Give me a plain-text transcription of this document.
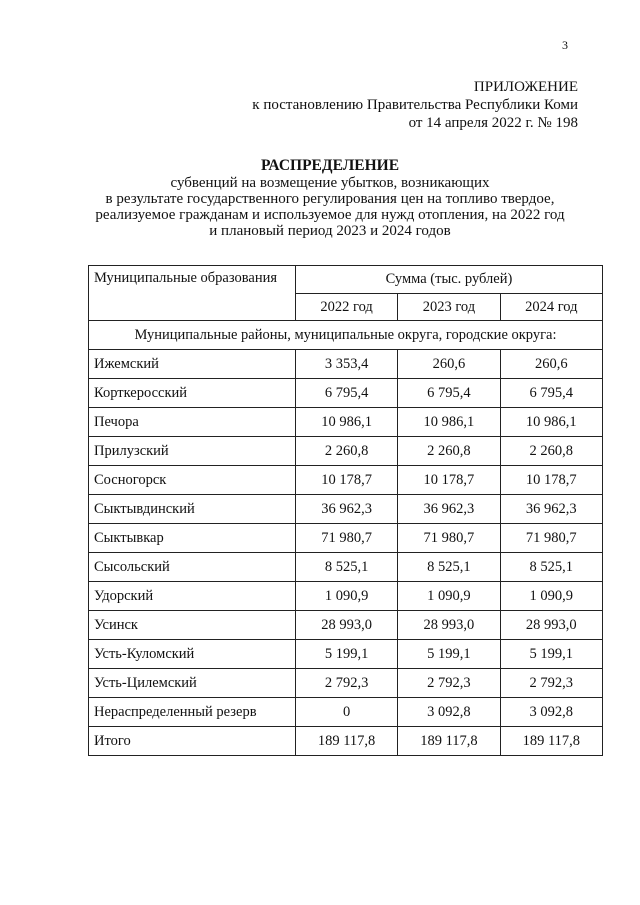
3
ПРИЛОЖЕНИЕ
к постановлению Правительства Республики Коми
от 14 апреля 2022 г. № 198
РАСПРЕДЕЛЕНИЕ
субвенций на возмещение убытков, возникающих
в результате государственного регулирования цен на топливо твердое,
реализуемое гражданам и используемое для нужд отопления, на 2022 год
и плановый период 2023 и 2024 годов
Муниципальные образования	Сумма (тыс. рублей)		
	2022 год	2023 год	2024 год
Муниципальные районы, муниципальные округа, городские округа:			
Ижемский	3 353,4	260,6	260,6
Корткеросский	6 795,4	6 795,4	6 795,4
Печора	10 986,1	10 986,1	10 986,1
Прилузский	2 260,8	2 260,8	2 260,8
Сосногорск	10 178,7	10 178,7	10 178,7
Сыктывдинский	36 962,3	36 962,3	36 962,3
Сыктывкар	71 980,7	71 980,7	71 980,7
Сысольский	8 525,1	8 525,1	8 525,1
Удорский	1 090,9	1 090,9	1 090,9
Усинск	28 993,0	28 993,0	28 993,0
Усть-Куломский	5 199,1	5 199,1	5 199,1
Усть-Цилемский	2 792,3	2 792,3	2 792,3
Нераспределенный резерв	0	3 092,8	3 092,8
Итого	189 117,8	189 117,8	189 117,8
